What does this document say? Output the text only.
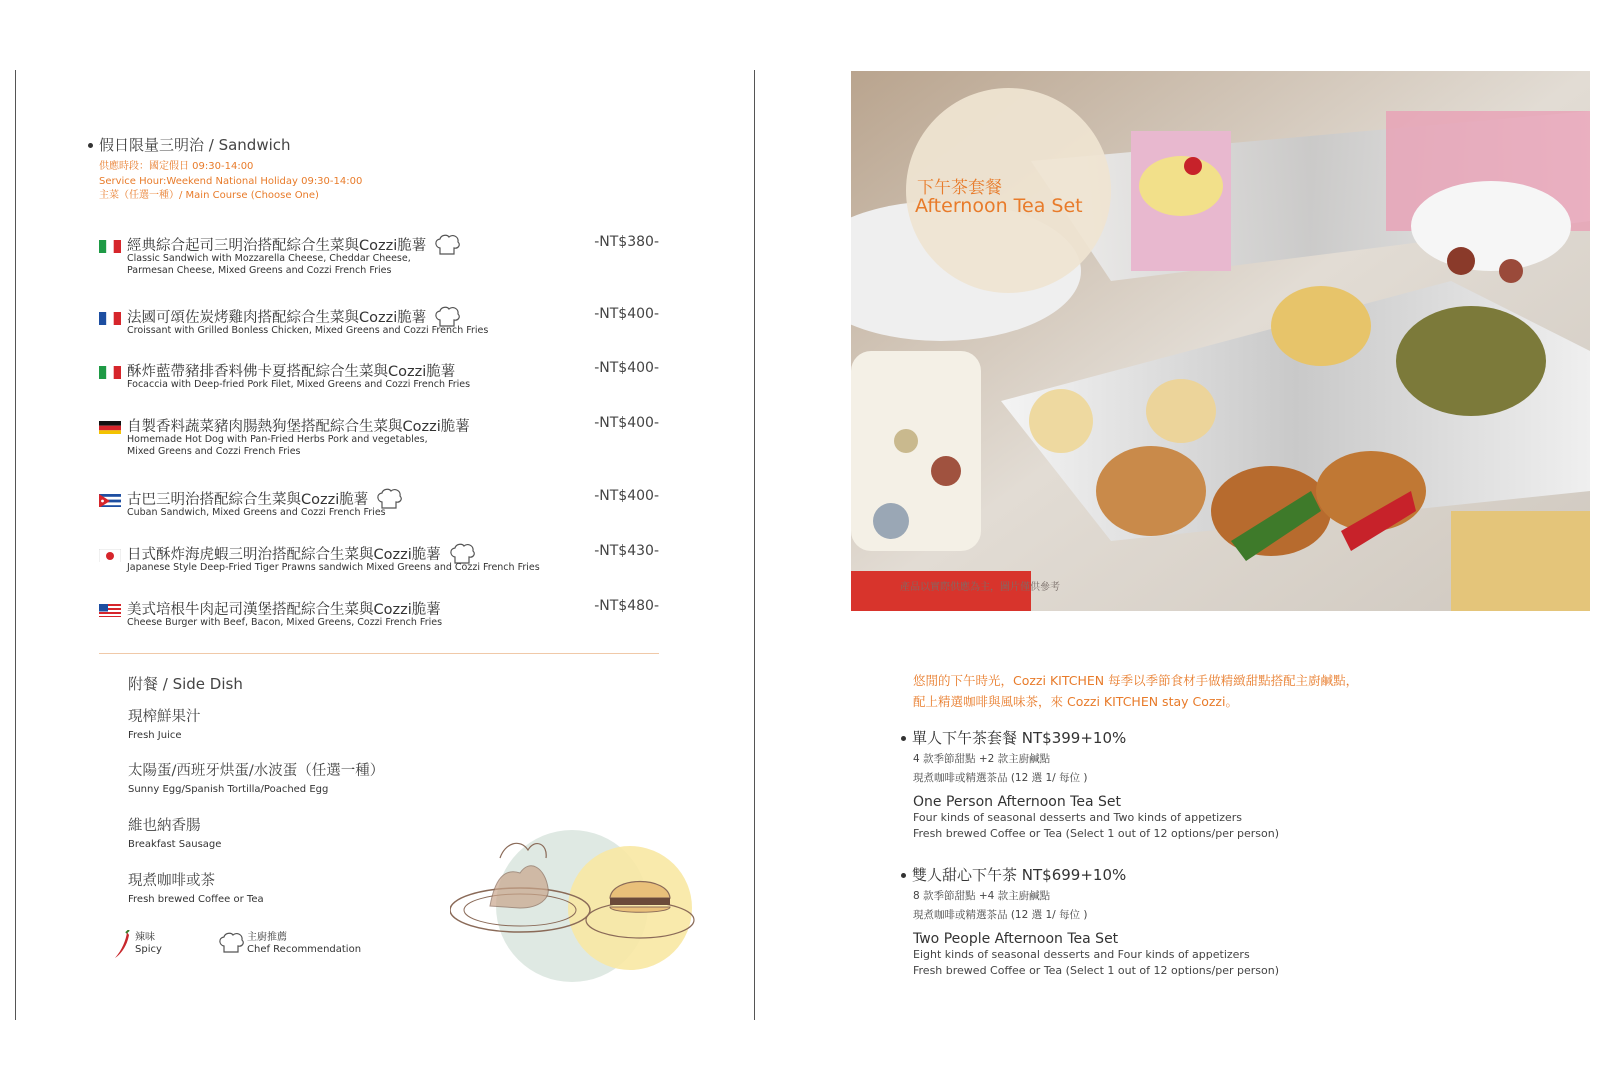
假日限量三明治 / Sandwich
供應時段：國定假日 09:30-14:00
Service Hour:Weekend National Holiday 09:30-14:00
主菜（任選一種）/ Main Course (Choose One)
經典綜合起司三明治搭配綜合生菜與Cozzi脆薯
Classic Sandwich with Mozzarella Cheese, Cheddar Cheese,
Parmesan Cheese, Mixed Greens and Cozzi French Fries
-NT$380-
法國可頌佐炭烤雞肉搭配綜合生菜與Cozzi脆薯
Croissant with Grilled Bonless Chicken, Mixed Greens and Cozzi French Fries
-NT$400-
酥炸藍帶豬排香料佛卡夏搭配綜合生菜與Cozzi脆薯
Focaccia with Deep-fried Pork Filet, Mixed Greens and Cozzi French Fries
-NT$400-
自製香料蔬菜豬肉腸熱狗堡搭配綜合生菜與Cozzi脆薯
Homemade Hot Dog with Pan-Fried Herbs Pork and vegetables,
Mixed Greens and Cozzi French Fries
-NT$400-
古巴三明治搭配綜合生菜與Cozzi脆薯
Cuban Sandwich, Mixed Greens and Cozzi French Fries
-NT$400-
日式酥炸海虎蝦三明治搭配綜合生菜與Cozzi脆薯
Japanese Style Deep-Fried Tiger Prawns sandwich Mixed Greens and Cozzi French Fries
-NT$430-
美式培根牛肉起司漢堡搭配綜合生菜與Cozzi脆薯
Cheese Burger with Beef, Bacon, Mixed Greens, Cozzi French Fries
-NT$480-
附餐 / Side Dish
現榨鮮果汁
Fresh Juice
太陽蛋/西班牙烘蛋/水波蛋（任選一種）
Sunny Egg/Spanish Tortilla/Poached Egg
維也納香腸
Breakfast Sausage
現煮咖啡或茶
Fresh brewed Coffee or Tea
辣味
Spicy
主廚推薦
Chef Recommendation
下午茶套餐
Afternoon Tea Set
產品以實際供應為主，圖片僅供參考
悠閒的下午時光，Cozzi KITCHEN 每季以季節食材手做精緻甜點搭配主廚鹹點，
配上精選咖啡與風味茶，來 Cozzi KITCHEN stay Cozzi。
單人下午茶套餐 NT$399+10%
4 款季節甜點 +2 款主廚鹹點
現煮咖啡或精選茶品 (12 選 1/ 每位 )
One Person Afternoon Tea Set
Four kinds of seasonal desserts and Two kinds of appetizers
Fresh brewed Coffee or Tea (Select 1 out of 12 options/per person)
雙人甜心下午茶 NT$699+10%
8 款季節甜點 +4 款主廚鹹點
現煮咖啡或精選茶品 (12 選 1/ 每位 )
Two People Afternoon Tea Set
Eight kinds of seasonal desserts and Four kinds of appetizers
Fresh brewed Coffee or Tea (Select 1 out of 12 options/per person)
